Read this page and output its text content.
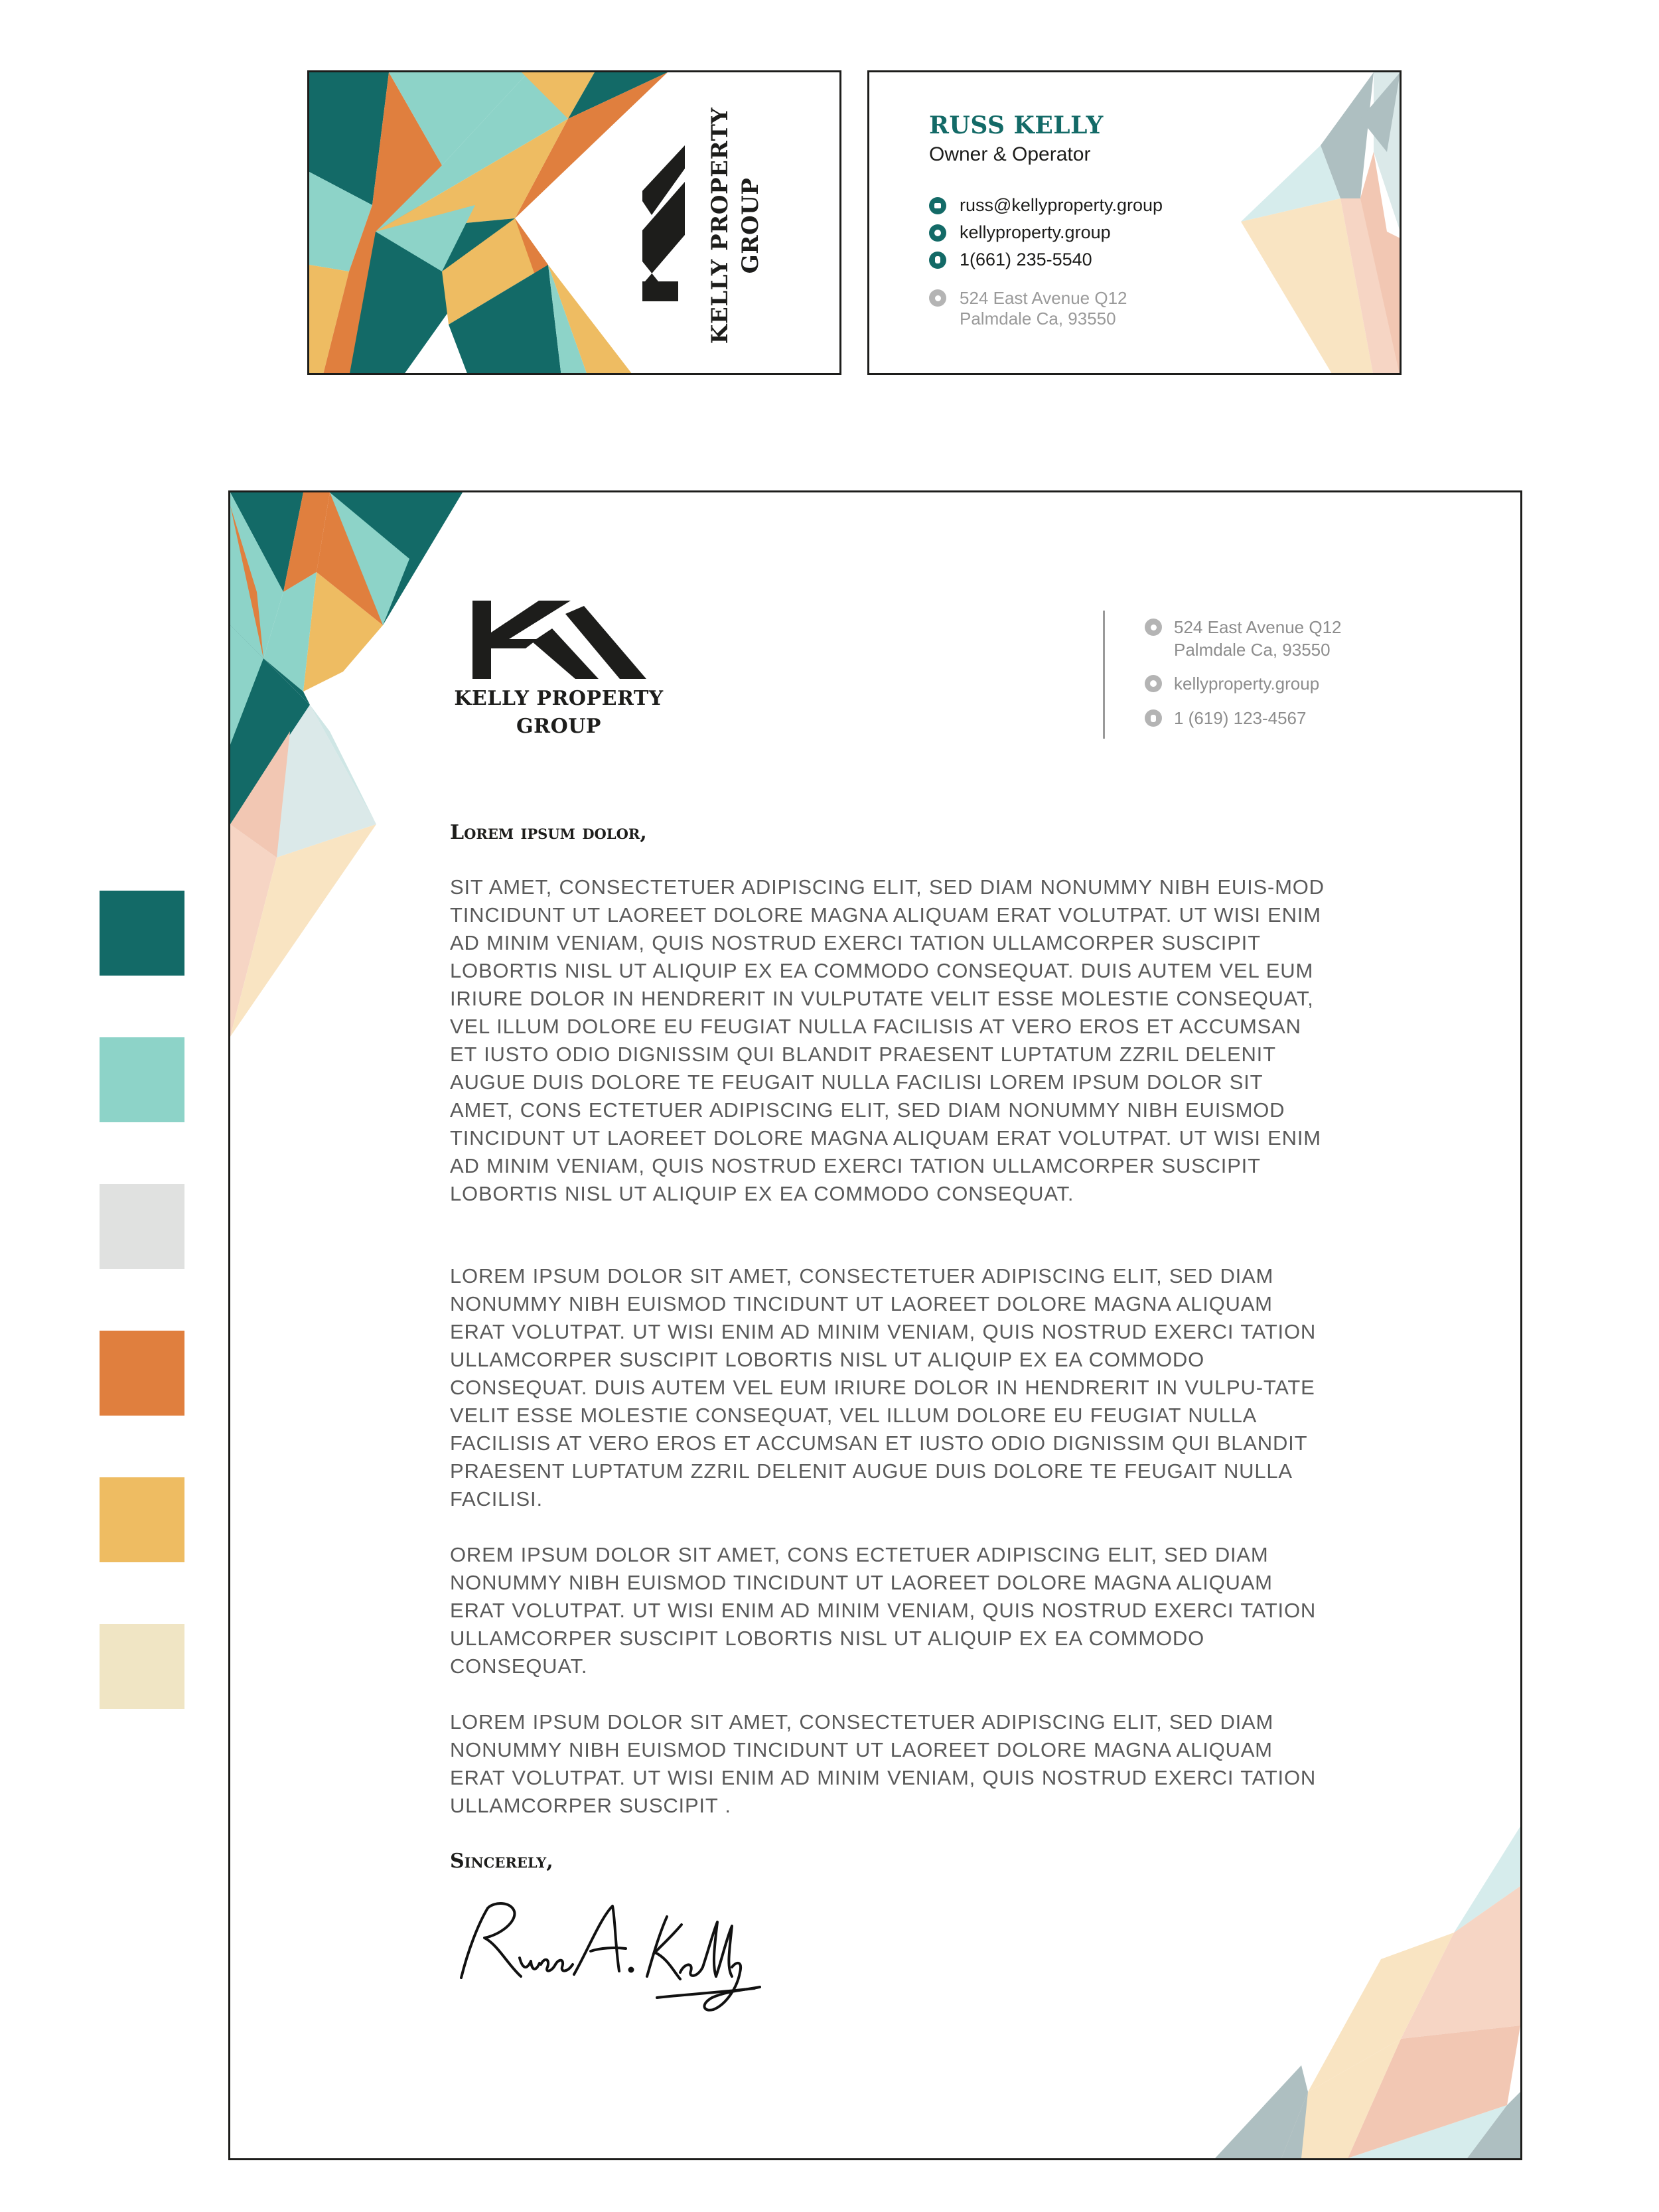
KELLY PROPERTY GROUP
RUSS KELLY
Owner & Operator
russ@kellyproperty.group
kellyproperty.group
1(661) 235-5540
524 East Avenue Q12
Palmdale Ca, 93550
KELLY PROPERTY
GROUP
524 East Avenue Q12
Palmdale Ca, 93550
kellyproperty.group
1 (619) 123-4567
Lorem ipsum dolor,

SIT AMET, CONSECTETUER ADIPISCING ELIT, SED DIAM NONUMMY NIBH EUIS-MOD TINCIDUNT UT LAOREET DOLORE MAGNA ALIQUAM ERAT VOLUTPAT. UT WISI ENIM AD MINIM VENIAM, QUIS NOSTRUD EXERCI TATION ULLAMCORPER SUSCIPIT LOBORTIS NISL UT ALIQUIP EX EA COMMODO CONSEQUAT. DUIS AUTEM VEL EUM IRIURE DOLOR IN HENDRERIT IN VULPUTATE VELIT ESSE MOLESTIE CONSEQUAT, VEL ILLUM DOLORE EU FEUGIAT NULLA FACILISIS AT VERO EROS ET ACCUMSAN ET IUSTO ODIO DIGNISSIM QUI BLANDIT PRAESENT LUPTATUM ZZRIL DELENIT AUGUE DUIS DOLORE TE FEUGAIT NULLA FACILISI LOREM IPSUM DOLOR SIT AMET, CONS ECTETUER ADIPISCING ELIT, SED DIAM NONUMMY NIBH EUISMOD TINCIDUNT UT LAOREET DOLORE MAGNA ALIQUAM ERAT VOLUTPAT. UT WISI ENIM AD MINIM VENIAM, QUIS NOSTRUD EXERCI TATION ULLAMCORPER SUSCIPIT LOBORTIS NISL UT ALIQUIP EX EA COMMODO CONSEQUAT.

LOREM IPSUM DOLOR SIT AMET, CONSECTETUER ADIPISCING ELIT, SED DIAM NONUMMY NIBH EUISMOD TINCIDUNT UT LAOREET DOLORE MAGNA ALIQUAM ERAT VOLUTPAT. UT WISI ENIM AD MINIM VENIAM, QUIS NOSTRUD EXERCI TATION ULLAMCORPER SUSCIPIT LOBORTIS NISL UT ALIQUIP EX EA COMMODO CONSEQUAT. DUIS AUTEM VEL EUM IRIURE DOLOR IN HENDRERIT IN VULPU-TATE VELIT ESSE MOLESTIE CONSEQUAT, VEL ILLUM DOLORE EU FEUGIAT NULLA FACILISIS AT VERO EROS ET ACCUMSAN ET IUSTO ODIO DIGNISSIM QUI BLANDIT PRAESENT LUPTATUM ZZRIL DELENIT AUGUE DUIS DOLORE TE FEUGAIT NULLA FACILISI.

OREM IPSUM DOLOR SIT AMET, CONS ECTETUER ADIPISCING ELIT, SED DIAM NONUMMY NIBH EUISMOD TINCIDUNT UT LAOREET DOLORE MAGNA ALIQUAM ERAT VOLUTPAT. UT WISI ENIM AD MINIM VENIAM, QUIS NOSTRUD EXERCI TATION ULLAMCORPER SUSCIPIT LOBORTIS NISL UT ALIQUIP EX EA COMMODO CONSEQUAT.

LOREM IPSUM DOLOR SIT AMET, CONSECTETUER ADIPISCING ELIT, SED DIAM NONUMMY NIBH EUISMOD TINCIDUNT UT LAOREET DOLORE MAGNA ALIQUAM ERAT VOLUTPAT. UT WISI ENIM AD MINIM VENIAM, QUIS NOSTRUD EXERCI TATION ULLAMCORPER SUSCIPIT .

Sincerely,
